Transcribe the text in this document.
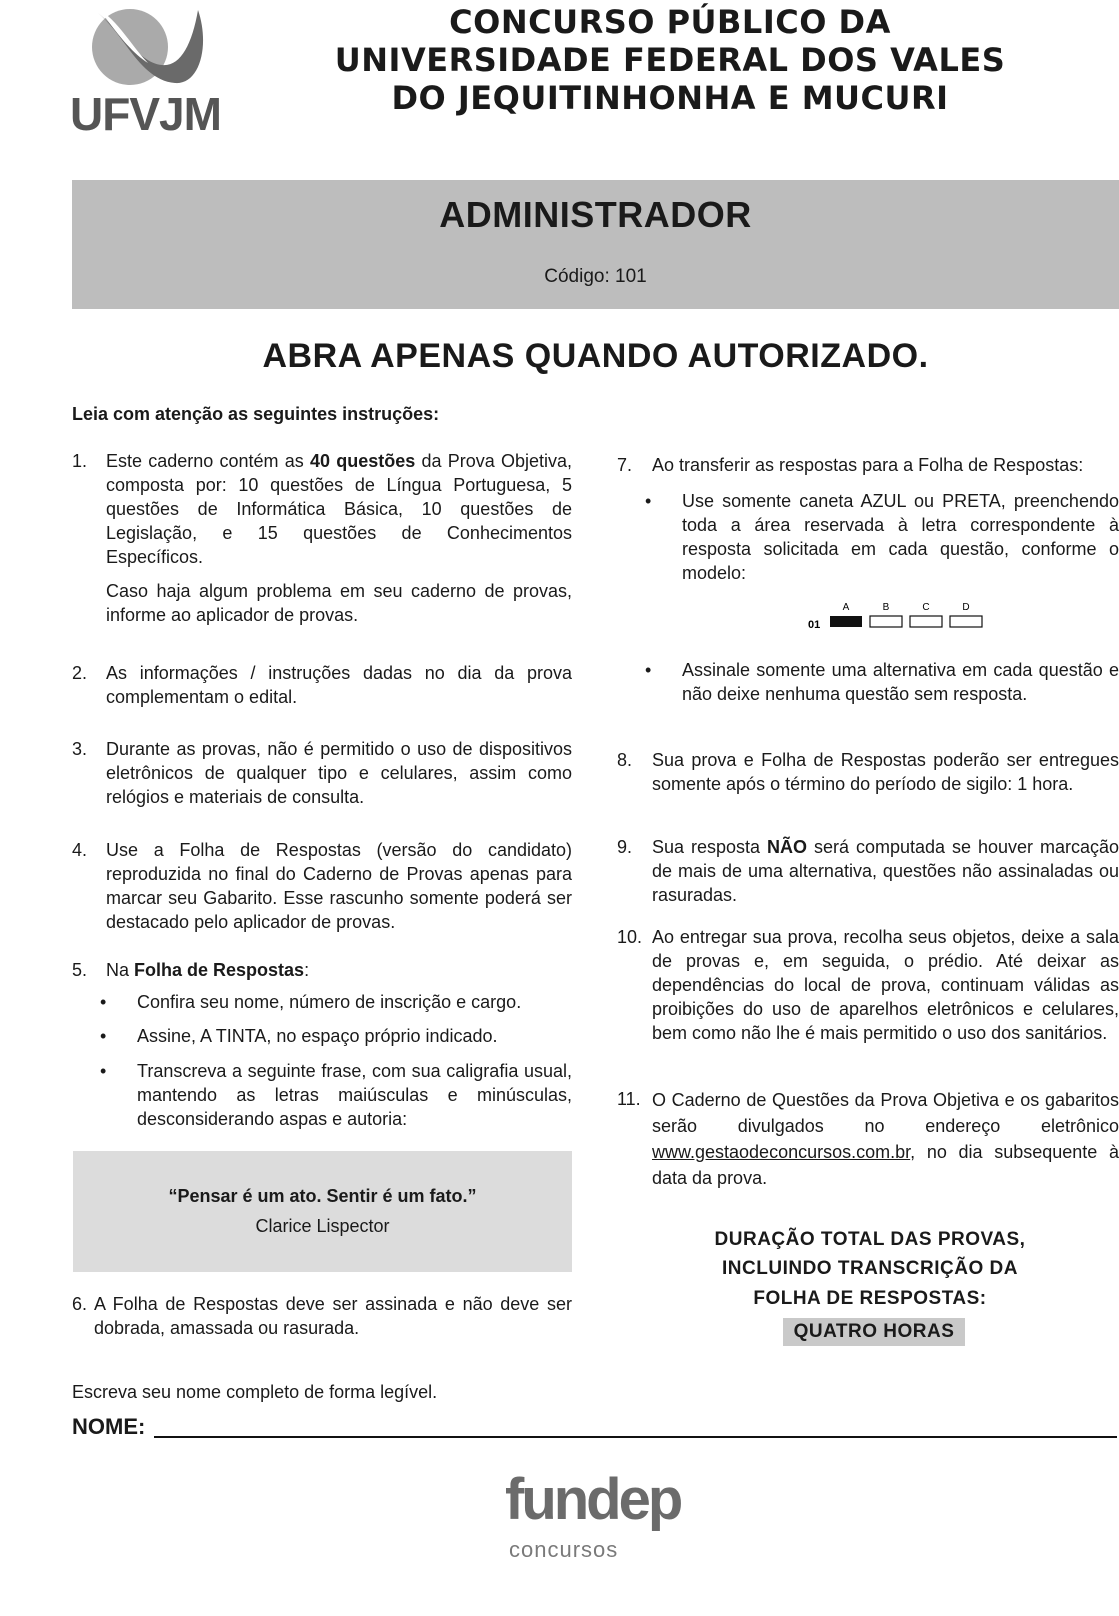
UFVJM
CONCURSO PÚBLICO DA
UNIVERSIDADE FEDERAL DOS VALES
DO JEQUITINHONHA E MUCURI
ADMINISTRADOR
Código: 101
ABRA APENAS QUANDO AUTORIZADO.
Leia com atenção as seguintes instruções:
1. Este caderno contém as 40 questões da Prova Objetiva, composta por: 10 questões de Língua Portuguesa, 5 questões de Informática Básica, 10 questões de Legislação, e 15 questões de Conhecimentos Específicos.
Caso haja algum problema em seu caderno de provas, informe ao aplicador de provas.
2. As informações / instruções dadas no dia da prova complementam o edital.
3. Durante as provas, não é permitido o uso de dispositivos eletrônicos de qualquer tipo e celulares, assim como relógios e materiais de consulta.
4. Use a Folha de Respostas (versão do candidato) reproduzida no final do Caderno de Provas apenas para marcar seu Gabarito. Esse rascunho somente poderá ser destacado pelo aplicador de provas.
5. Na Folha de Respostas:
• Confira seu nome, número de inscrição e cargo.
• Assine, A TINTA, no espaço próprio indicado.
• Transcreva a seguinte frase, com sua caligrafia usual, mantendo as letras maiúsculas e minúsculas, desconsiderando aspas e autoria:
“Pensar é um ato. Sentir é um fato.”
Clarice Lispector
6. A Folha de Respostas deve ser assinada e não deve ser dobrada, amassada ou rasurada.
7. Ao transferir as respostas para a Folha de Respostas:
• Use somente caneta AZUL ou PRETA, preenchendo toda a área reservada à letra correspondente à resposta solicitada em cada questão, conforme o modelo:
A	B	C	D
01
• Assinale somente uma alternativa em cada questão e não deixe nenhuma questão sem resposta.
8. Sua prova e Folha de Respostas poderão ser entregues somente após o término do período de sigilo: 1 hora.
9. Sua resposta NÃO será computada se houver marcação de mais de uma alternativa, questões não assinaladas ou rasuradas.
10. Ao entregar sua prova, recolha seus objetos, deixe a sala de provas e, em seguida, o prédio. Até deixar as dependências do local de prova, continuam válidas as proibições do uso de aparelhos eletrônicos e celulares, bem como não lhe é mais permitido o uso dos sanitários.
11. O Caderno de Questões da Prova Objetiva e os gabaritos serão divulgados no endereço eletrônico www.gestaodeconcursos.com.br, no dia subsequente à data da prova.
DURAÇÃO TOTAL DAS PROVAS,
INCLUINDO TRANSCRIÇÃO DA
FOLHA DE RESPOSTAS:
QUATRO HORAS
Escreva seu nome completo de forma legível.
NOME:
fundep
concursos
